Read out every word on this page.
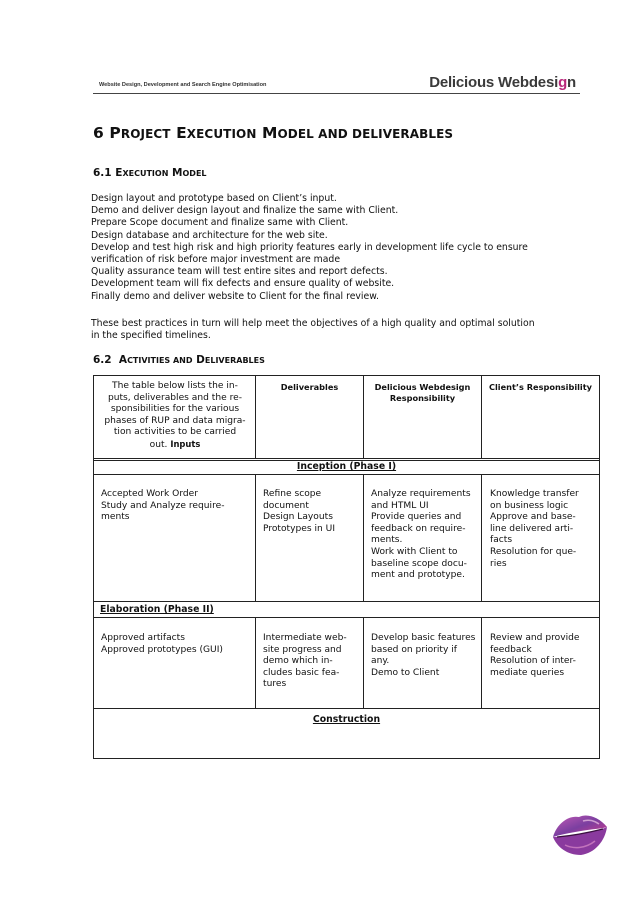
Website Design, Development and Search Engine Optimisation	Delicious Webdesign
6 PROJECT EXECUTION MODEL AND DELIVERABLES
6.1 EXECUTION MODEL
Design layout and prototype based on Client’s input.
Demo and deliver design layout and finalize the same with Client.
Prepare Scope document and finalize same with Client.
Design database and architecture for the web site.
Develop and test high risk and high priority features early in development life cycle to ensure
verification of risk before major investment are made
Quality assurance team will test entire sites and report defects.
Development team will fix defects and ensure quality of website.
Finally demo and deliver website to Client for the final review.
These best practices in turn will help meet the objectives of a high quality and optimal solution
in the specified timelines.
6.2 ACTIVITIES AND DELIVERABLES
The table below lists the in-
puts, deliverables and the re-
sponsibilities for the various
phases of RUP and data migra-
tion activities to be carried
out. Inputs
Deliverables	Delicious Webdesign
Responsibility
Client’s Responsibility
Inception (Phase I)
Accepted Work Order
Study and Analyze require-
ments
Refine scope
document
Design Layouts
Prototypes in UI
Analyze requirements
and HTML UI
Provide queries and
feedback on require-
ments.
Work with Client to
baseline scope docu-
ment and prototype.
Knowledge transfer
on business logic
Approve and base-
line delivered arti-
facts
Resolution for que-
ries
Elaboration (Phase II)
Approved artifacts
Approved prototypes (GUI)
Intermediate web-
site progress and
demo which in-
cludes basic fea-
tures
Develop basic features
based on priority if
any.
Demo to Client
Review and provide
feedback
Resolution of inter-
mediate queries
Construction
